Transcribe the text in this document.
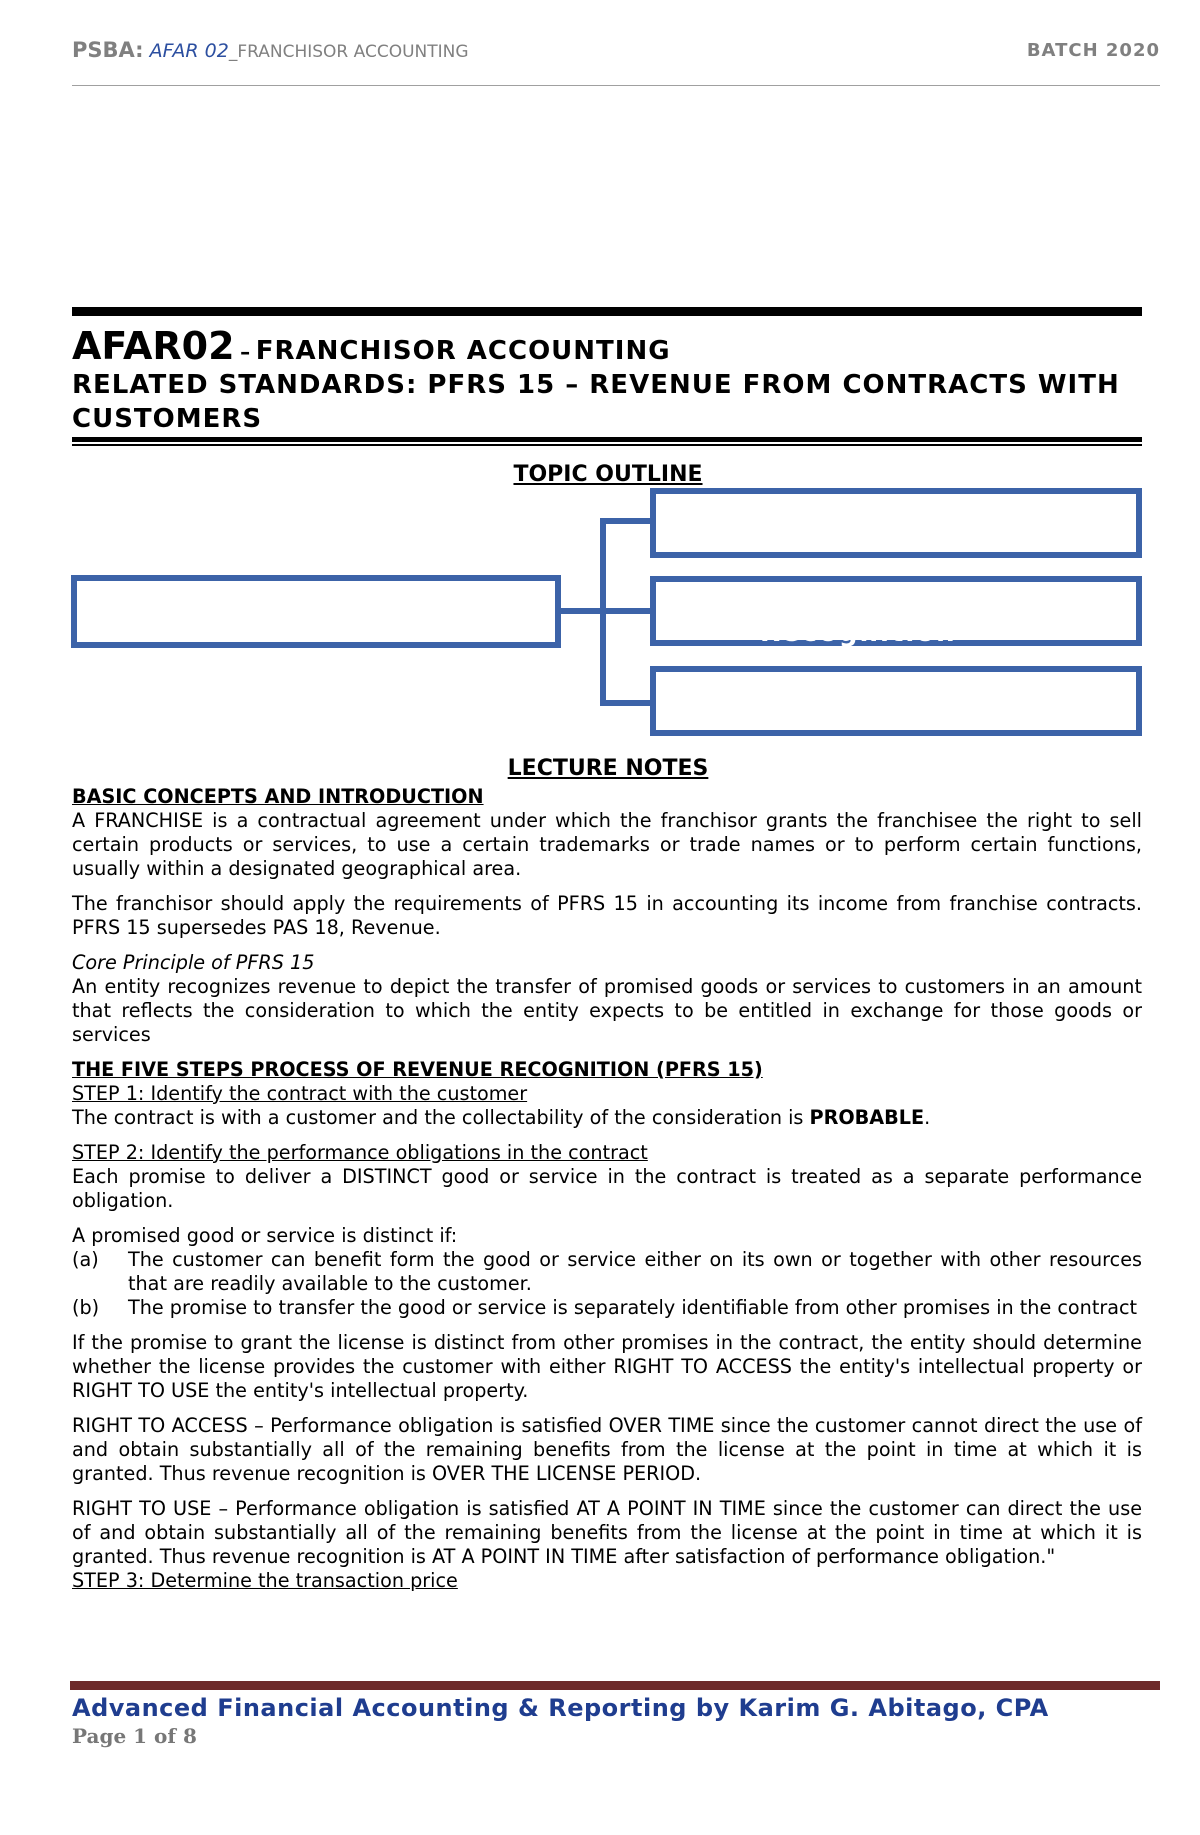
PSBA: AFAR 02_FRANCHISOR ACCOUNTING	BATCH 2020
AFAR02 – FRANCHISOR ACCOUNTING
RELATED STANDARDS: PFRS 15 – REVENUE FROM CONTRACTS WITH CUSTOMERS
TOPIC OUTLINE
Recognition
LECTURE NOTES

BASIC CONCEPTS AND INTRODUCTION

A FRANCHISE is a contractual agreement under which the franchisor grants the franchisee the right to sell certain products or services, to use a certain trademarks or trade names or to perform certain functions, usually within a designated geographical area.

The franchisor should apply the requirements of PFRS 15 in accounting its income from franchise contracts. PFRS 15 supersedes PAS 18, Revenue.

Core Principle of PFRS 15

An entity recognizes revenue to depict the transfer of promised goods or services to customers in an amount that reflects the consideration to which the entity expects to be entitled in exchange for those goods or services

THE FIVE STEPS PROCESS OF REVENUE RECOGNITION (PFRS 15)

STEP 1: Identify the contract with the customer

The contract is with a customer and the collectability of the consideration is PROBABLE.

STEP 2: Identify the performance obligations in the contract

Each promise to deliver a DISTINCT good or service in the contract is treated as a separate performance obligation.

A promised good or service is distinct if:

(a)	The customer can benefit form the good or service either on its own or together with other resources that are readily available to the customer.
(b)	The promise to transfer the good or service is separately identifiable from other promises in the contract

If the promise to grant the license is distinct from other promises in the contract, the entity should determine whether the license provides the customer with either RIGHT TO ACCESS the entity's intellectual property or RIGHT TO USE the entity's intellectual property.

RIGHT TO ACCESS – Performance obligation is satisfied OVER TIME since the customer cannot direct the use of and obtain substantially all of the remaining benefits from the license at the point in time at which it is granted. Thus revenue recognition is OVER THE LICENSE PERIOD.

RIGHT TO USE – Performance obligation is satisfied AT A POINT IN TIME since the customer can direct the use of and obtain substantially all of the remaining benefits from the license at the point in time at which it is granted. Thus revenue recognition is AT A POINT IN TIME after satisfaction of performance obligation."

STEP 3: Determine the transaction price

Advanced Financial Accounting & Reporting by Karim G. Abitago, CPA
Page 1 of 8
